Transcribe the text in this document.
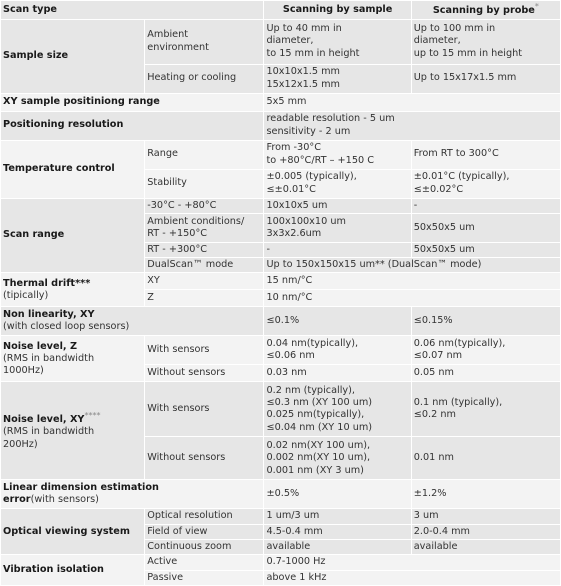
Scan type		Scanning by sample	Scanning by probe*
Sample size	Ambient
environment	Up to 40 mm in
diameter,
to 15 mm in height	Up to 100 mm in
diameter,
up to 15 mm in height
	Heating or cooling	10x10x1.5 mm
15x12x1.5 mm	Up to 15x17x1.5 mm
XY sample positiniong range		5x5 mm	
Positioning resolution		readable resolution - 5 um
sensitivity - 2 um	
Temperature control	Range	From -30°C
to +80°C/RT – +150 C	From RT to 300°C
	Stability	±0.005 (typically),
≤±0.01°C	±0.01°C (typically),
≤±0.02°C
Scan range	-30°C - +80°C	10x10x5 um	-
	Ambient conditions/
RT - +150°C	100x100x10 um
3x3x2.6um	50x50x5 um
	RT - +300°C	-	50x50x5 um
	DualScan™ mode	Up to 150x150x15 um** (DualScan™ mode)	
Thermal drift***
(tipically)	XY	15 nm/°C	
	Z	10 nm/°C	
Non linearity, XY
(with closed loop sensors)		≤0.1%	≤0.15%
Noise level, Z
(RMS in bandwidth
1000Hz)	With sensors	0.04 nm(typically),
≤0.06 nm	0.06 nm(typically),
≤0.07 nm
	Without sensors	0.03 nm	0.05 nm
Noise level, XY****
(RMS in bandwidth
200Hz)	With sensors	0.2 nm (typically),
≤0.3 nm (XY 100 um)
0.025 nm(typically),
≤0.04 nm (XY 10 um)	0.1 nm (typically),
≤0.2 nm
	Without sensors	0.02 nm(XY 100 um),
0.002 nm(XY 10 um),
0.001 nm (XY 3 um)	0.01 nm
Linear dimension estimation
error(with sensors)		±0.5%	±1.2%
Optical viewing system	Optical resolution	1 um/3 um	3 um
	Field of view	4.5-0.4 mm	2.0-0.4 mm
	Continuous zoom	available	available
Vibration isolation	Active	0.7-1000 Hz	
	Passive	above 1 kHz	
